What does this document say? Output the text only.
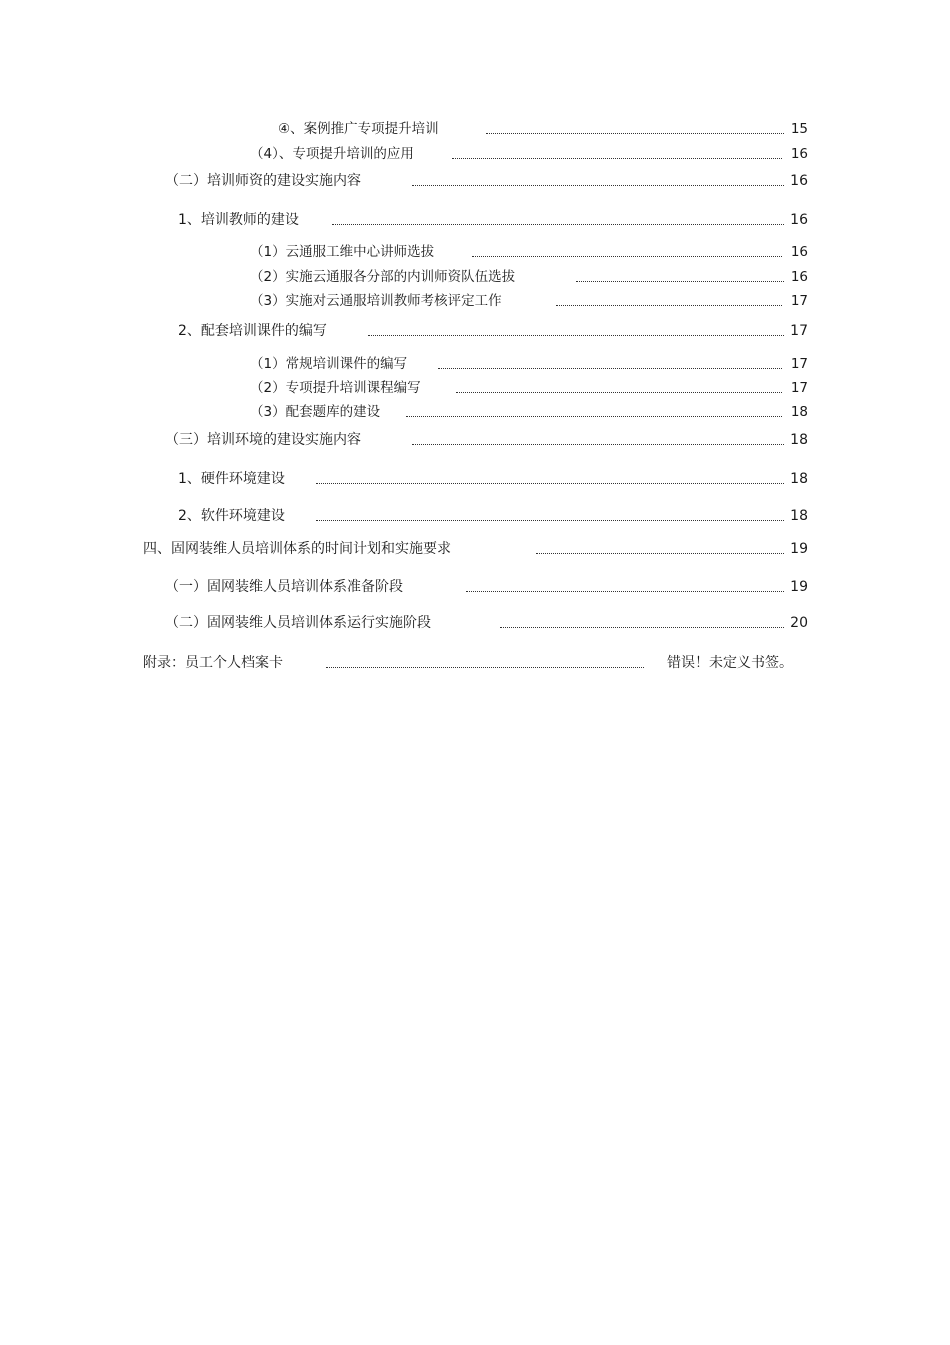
④、案例推广专项提升培训	15
（4）、专项提升培训的应用	16
（二）培训师资的建设实施内容	16
1、培训教师的建设	16
（1）云通服工维中心讲师选拔	16
（2）实施云通服各分部的内训师资队伍选拔	16
（3）实施对云通服培训教师考核评定工作	17
2、配套培训课件的编写	17
（1）常规培训课件的编写	17
（2）专项提升培训课程编写	17
（3）配套题库的建设	18
（三）培训环境的建设实施内容	18
1、硬件环境建设	18
2、软件环境建设	18
四、固网装维人员培训体系的时间计划和实施要求	19
（一）固网装维人员培训体系准备阶段	19
（二）固网装维人员培训体系运行实施阶段	20
附录：员工个人档案卡	错误！未定义书签。
